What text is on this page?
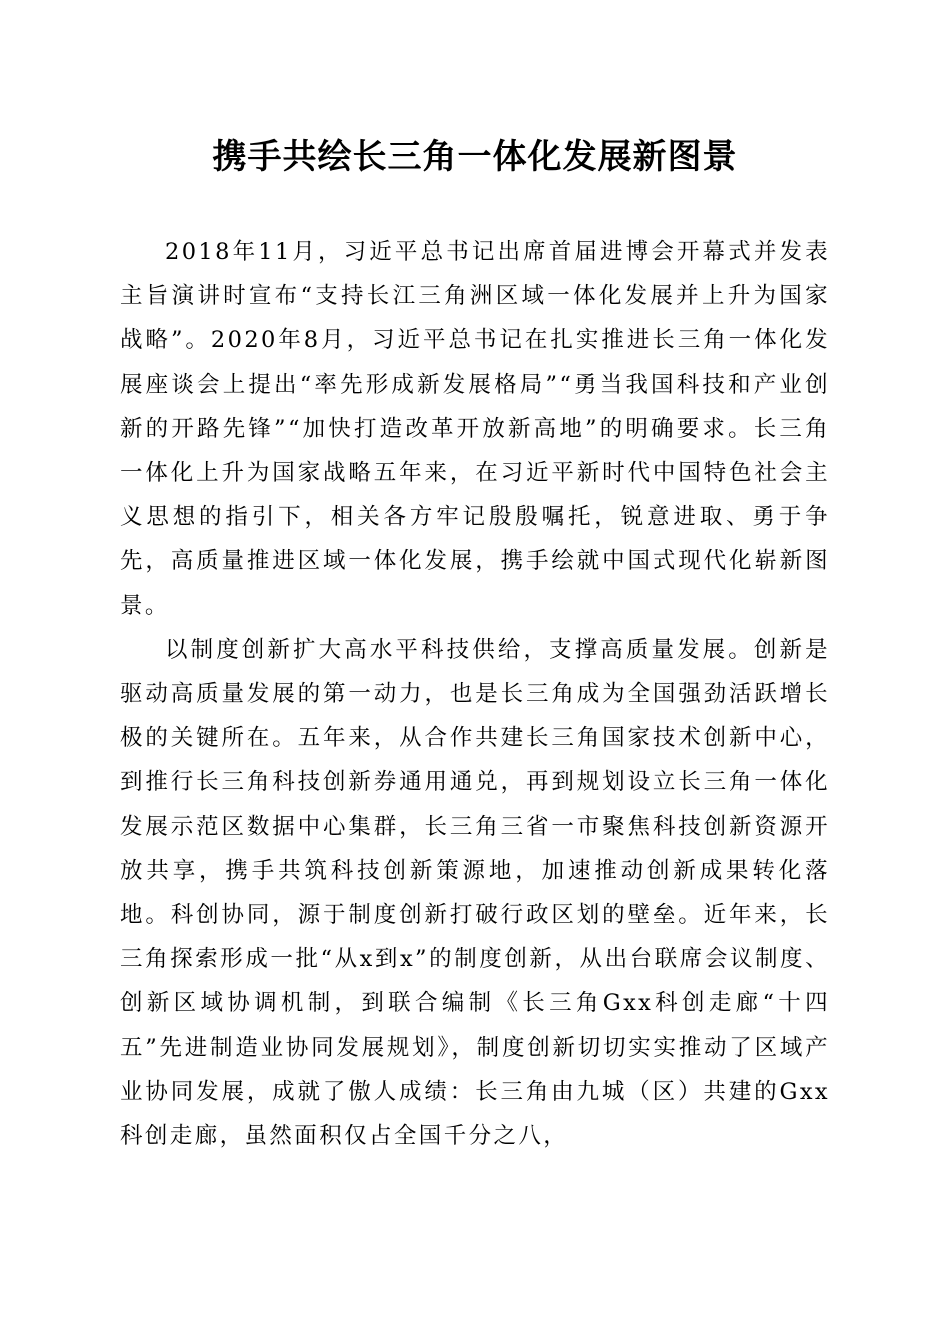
携手共绘长三角一体化发展新图景

2018年11月，习近平总书记出席首届进博会开幕式并发表主旨演讲时宣布“支持长江三角洲区域一体化发展并上升为国家战略”。2020年8月，习近平总书记在扎实推进长三角一体化发展座谈会上提出“率先形成新发展格局”“勇当我国科技和产业创新的开路先锋”“加快打造改革开放新高地”的明确要求。长三角一体化上升为国家战略五年来，在习近平新时代中国特色社会主义思想的指引下，相关各方牢记殷殷嘱托，锐意进取、勇于争先，高质量推进区域一体化发展，携手绘就中国式现代化崭新图景。

以制度创新扩大高水平科技供给，支撑高质量发展。创新是驱动高质量发展的第一动力，也是长三角成为全国强劲活跃增长极的关键所在。五年来，从合作共建长三角国家技术创新中心，到推行长三角科技创新券通用通兑，再到规划设立长三角一体化发展示范区数据中心集群，长三角三省一市聚焦科技创新资源开放共享，携手共筑科技创新策源地，加速推动创新成果转化落地。科创协同，源于制度创新打破行政区划的壁垒。近年来，长三角探索形成一批“从x到x”的制度创新，从出台联席会议制度、创新区域协调机制，到联合编制《长三角Gxx科创走廊“十四五”先进制造业协同发展规划》，制度创新切切实实推动了区域产业协同发展，成就了傲人成绩：长三角由九城（区）共建的Gxx科创走廊，虽然面积仅占全国千分之八，
